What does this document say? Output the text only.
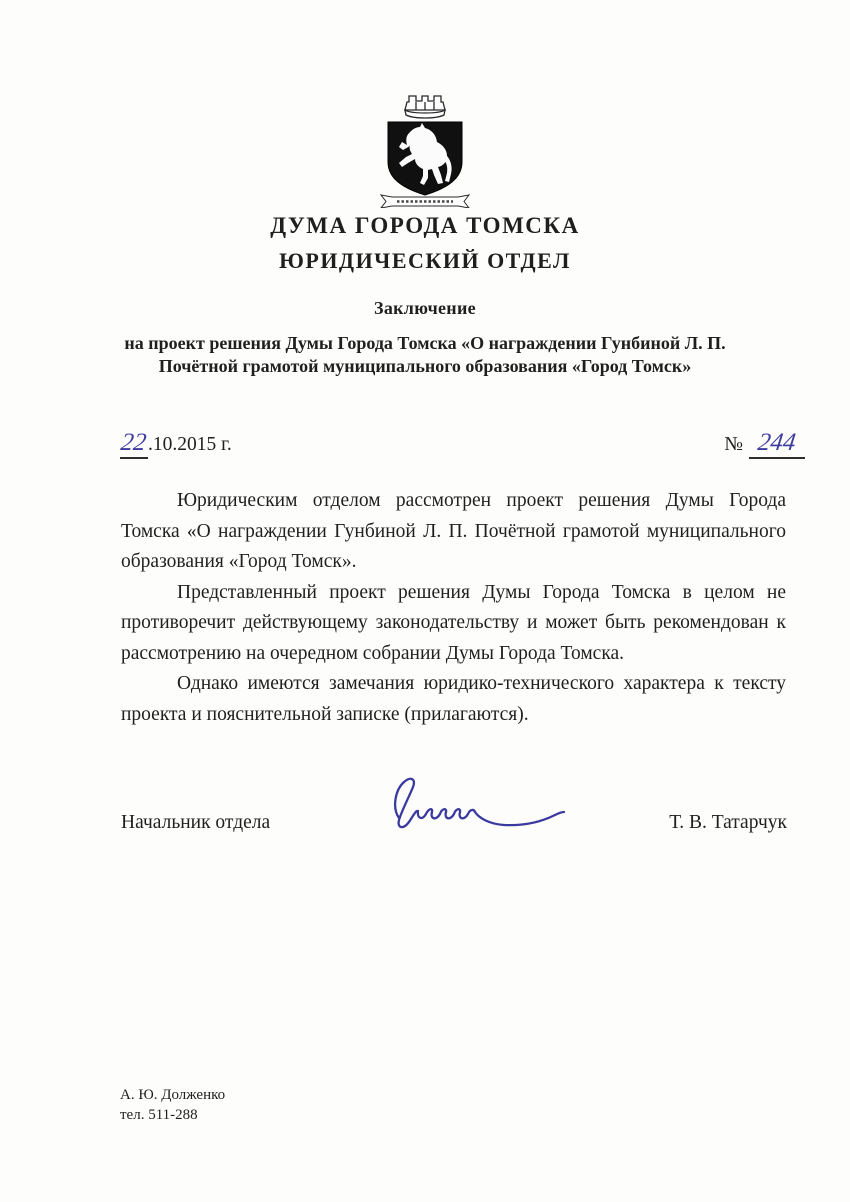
ДУМА ГОРОДА ТОМСКА
ЮРИДИЧЕСКИЙ ОТДЕЛ
Заключение
на проект решения Думы Города Томска «О награждении Гунбиной Л. П.
Почётной грамотой муниципального образования «Город Томск»
22.10.2015 г.	№ 244

Юридическим отделом рассмотрен проект решения Думы Города Томска «О награждении Гунбиной Л. П. Почётной грамотой муниципального образования «Город Томск».

Представленный проект решения Думы Города Томска в целом не противоречит действующему законодательству и может быть рекомендован к рассмотрению на очередном собрании Думы Города Томска.

Однако имеются замечания юридико-технического характера к тексту проекта и пояснительной записке (прилагаются).

Начальник отдела	Т. В. Татарчук
А. Ю. Долженко
тел. 511-288
